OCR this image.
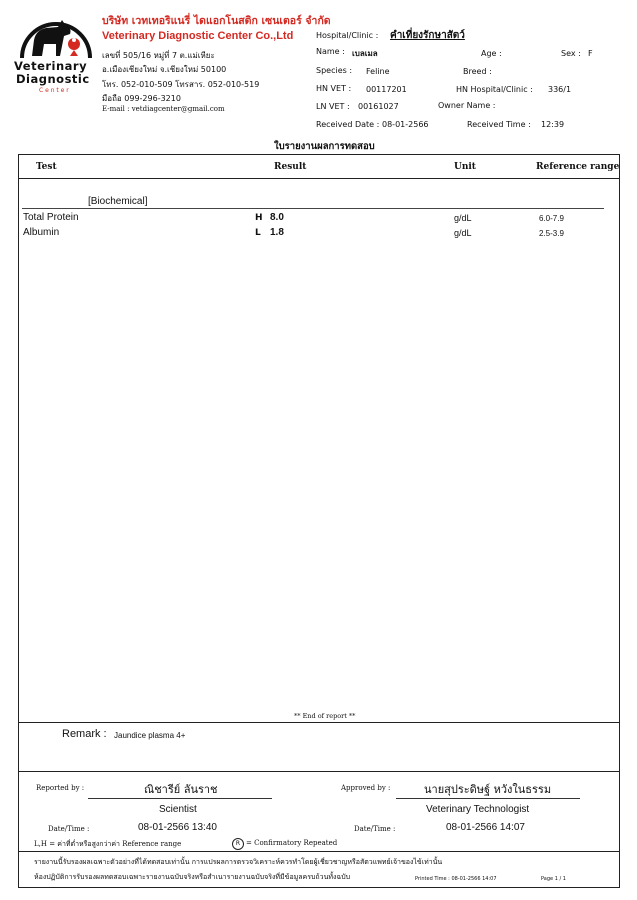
Veterinary
Diagnostic
C e n t e r
บริษัท เวทเทอริแนรี่ ไดแอกโนสติก เซนเตอร์ จำกัด
Veterinary Diagnostic Center Co.,Ltd
เลขที่ 505/16 หมู่ที่ 7 ต.แม่เหียะ
อ.เมืองเชียงใหม่ จ.เชียงใหม่ 50100
โทร. 052-010-509 โทรสาร. 052-010-519
มือถือ 099-296-3210
E-mail : vetdiagcenter@gmail.com
Hospital/Clinic : คำเที่ยงรักษาสัตว์
Name : เบลเมล	Age :	Sex : F
Species : Feline	Breed :
HN VET : 00117201	HN Hospital/Clinic : 336/1
LN VET : 00161027	Owner Name :
Received Date : 08-01-2566	Received Time : 12:39
ใบรายงานผลการทดสอบ
Test	Result	Unit	Reference range
[Biochemical]
Total Protein	H 8.0	g/dL	6.0-7.9
Albumin	L 1.8	g/dL	2.5-3.9
** End of report **
Remark : Jaundice plasma 4+
Reported by :	ณิชารีย์ ลันราช
Scientist
Approved by :	นายสุประดิษฐ์ หวังในธรรม
Veterinary Technologist
Date/Time :	08-01-2566 13:40	Date/Time :	08-01-2566 14:07
L,H = ค่าที่ต่ำหรือสูงกว่าค่า Reference range	R = Confirmatory Repeated
รายงานนี้รับรองผลเฉพาะตัวอย่างที่ได้ทดสอบเท่านั้น การแปรผลการตรวจวิเคราะห์ควรทำโดยผู้เชี่ยวชาญหรือสัตวแพทย์เจ้าของไข้เท่านั้น
ห้องปฏิบัติการรับรองผลทดสอบเฉพาะรายงานฉบับจริงหรือสำเนารายงานฉบับจริงที่มีข้อมูลครบถ้วนทั้งฉบับ	Printed Time : 08-01-2566 14:07	Page 1 / 1
